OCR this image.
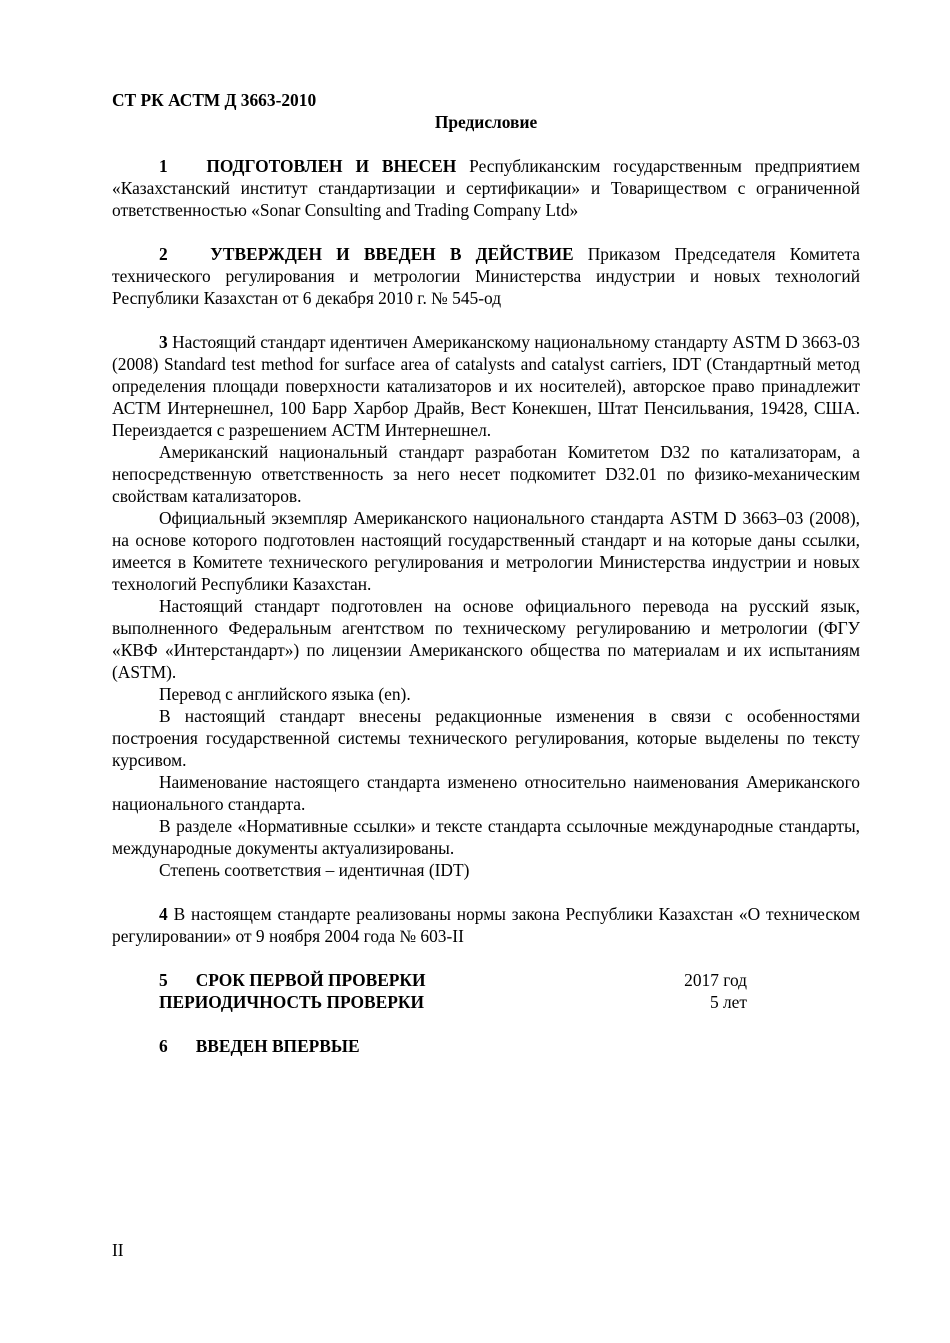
СТ РК АСТМ Д 3663-2010

Предисловие

1 ПОДГОТОВЛЕН И ВНЕСЕН Республиканским государственным предприятием «Казахстанский институт стандартизации и сертификации» и Товариществом с ограниченной ответственностью «Sonar Consulting and Trading Company Ltd»

2 УТВЕРЖДЕН И ВВЕДЕН В ДЕЙСТВИЕ Приказом Председателя Комитета технического регулирования и метрологии Министерства индустрии и новых технологий Республики Казахстан от 6 декабря 2010 г. № 545-од

3 Настоящий стандарт идентичен Американскому национальному стандарту ASTM D 3663-03 (2008) Standard test method for surface area of catalysts and catalyst carriers, IDT (Стандартный метод определения площади поверхности катализаторов и их носителей), авторское право принадлежит АСТМ Интернешнел, 100 Барр Харбор Драйв, Вест Конекшен, Штат Пенсильвания, 19428, США. Переиздается с разрешением АСТМ Интернешнел.

Американский национальный стандарт разработан Комитетом D32 по катализаторам, а непосредственную ответственность за него несет подкомитет D32.01 по физико-механическим свойствам катализаторов.

Официальный экземпляр Американского национального стандарта ASTM D 3663–03 (2008), на основе которого подготовлен настоящий государственный стандарт и на которые даны ссылки, имеется в Комитете технического регулирования и метрологии Министерства индустрии и новых технологий Республики Казахстан.

Настоящий стандарт подготовлен на основе официального перевода на русский язык, выполненного Федеральным агентством по техническому регулированию и метрологии (ФГУ «КВФ «Интерстандарт») по лицензии Американского общества по материалам и их испытаниям (ASTM).

Перевод с английского языка (en).

В настоящий стандарт внесены редакционные изменения в связи с особенностями построения государственной системы технического регулирования, которые выделены по тексту курсивом.

Наименование настоящего стандарта изменено относительно наименования Американского национального стандарта.

В разделе «Нормативные ссылки» и тексте стандарта ссылочные международные стандарты, международные документы актуализированы.

Степень соответствия – идентичная (IDT)

4 В настоящем стандарте реализованы нормы закона Республики Казахстан «О техническом регулировании» от 9 ноября 2004 года № 603-II

5 СРОК ПЕРВОЙ ПРОВЕРКИ	2017 год
ПЕРИОДИЧНОСТЬ ПРОВЕРКИ	5 лет

6 ВВЕДЕН ВПЕРВЫЕ

II
